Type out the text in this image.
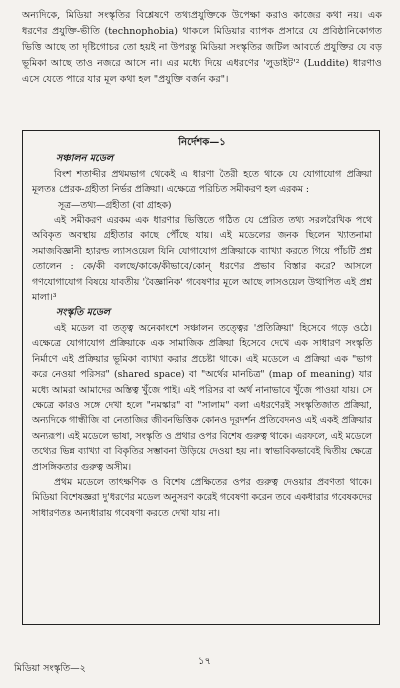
অন্যদিকে, মিডিয়া সংস্কৃতির বিশ্লেষণে তথ্যপ্রযুক্তিকে উপেক্ষা করাও কাজের কথা নয়। এক ধরণের প্রযুক্তি-ভীতি (technophobia) থাকলে মিডিয়ার ব্যাপক প্রসারে যে প্রবিষ্ঠানিকোগত ভিত্তি আছে তা দৃষ্টিগোচর তো হয়ই না উপরন্তু মিডিয়া সংস্কৃতির জটিল আবর্তে প্রযুক্তির যে বড় ভূমিকা আছে তাও নজরে আসে না। এর মধ্যে দিয়ে এধরণের 'লুডাইট'² (Luddite) ধারণাও এসে যেতে পারে যার মূল কথা হল "প্রযুক্তি বর্জন কর"।

নির্দেশক—১
সঞ্চালন মডেল

বিংশ শতাব্দীর প্রথমভাগ থেকেই এ ধারণা তৈরী হতে থাকে যে যোগাযোগ প্রক্রিয়া মূলতঃ প্রেরক-গ্রহীতা নির্ভর প্রক্রিয়া। এক্ষেত্রে পরিচিত সমীকরণ হল এরকম :

সূত্র—তথ্য—গ্রহীতা (বা গ্রাহক)

এই সমীকরণ এরকম এক ধারণার ভিত্তিতে গঠিত যে প্রেরিত তথ্য সরলরৈখিক পথে অবিকৃত অবস্থায় গ্রহীতার কাছে পৌঁছে যায়। এই মডেলের জনক ছিলেন খ্যাতনামা সমাজবিজ্ঞানী হ্যারল্ড ল্যাসওয়েল যিনি যোগাযোগ প্রক্রিয়াকে ব্যাখ্যা করতে গিয়ে পাঁচটি প্রশ্ন তোলেন : কে/কী বলছে/কাকে/কীভাবে/কোন্ ধরণের প্রভাব বিস্তার করে? আসলে গণযোগাযোগ বিষয়ে যাবতীয় 'বৈজ্ঞানিক' গবেষণার মূলে আছে লাসওয়েল উত্থাপিত এই প্রশ্ন মালা।³

সংস্কৃতি মডেল

এই মডেল বা তত্ত্ব অনেকাংশে সঞ্চালন তত্ত্বের 'প্রতিক্রিয়া' হিসেবে গড়ে ওঠে। এক্ষেত্রে যোগাযোগ প্রক্রিয়াকে এক সামাজিক প্রক্রিয়া হিসেবে দেখে এক সাধারণ সংস্কৃতি নির্মাণে এই প্রক্রিয়ার ভূমিকা ব্যাখ্যা করার প্রচেষ্টা থাকে। এই মডেলে এ প্রক্রিয়া এক "ভাগ করে নেওয়া পরিসর" (shared space) বা "অর্থের মানচিত্র" (map of meaning) যার মধ্যে আমরা আমাদের অস্তিত্ব খুঁজে পাই। এই পরিসর বা অর্থ নানাভাবে খুঁজে পাওয়া যায়। সে ক্ষেত্রে কারও সঙ্গে দেখা হলে "নমস্কার" বা "সালাম" বলা এধরণেরই সংস্কৃতিজাত প্রক্রিয়া, অন্যদিকে গান্ধীজি বা নেতাজির জীবনভিত্তিক কোনও দূরদর্শন প্রতিবেদনও এই একই প্রক্রিয়ার অন্যরূপ। এই মডেলে ভাষা, সংস্কৃতি ও প্রথার ওপর বিশেষ গুরুত্ব থাকে। এরফলে, এই মডেলে তথ্যের ভিন্ন ব্যাখ্যা বা বিকৃতির সম্ভাবনা উড়িয়ে দেওয়া হয় না। স্বাভাবিকভাবেই দ্বিতীয় ক্ষেত্রে প্রাসঙ্গিকতার গুরুত্ব অসীম।

প্রথম মডেলে তাৎক্ষণিক ও বিশেষ প্রেক্ষিতের ওপর গুরুত্ব দেওয়ার প্রবণতা থাকে। মিডিয়া বিশেষজ্ঞরা দু'ধরণের মডেল অনুসরণ করেই গবেষণা করেন তবে একধারার গবেষকদের সাধারণতঃ অন্যধারায় গবেষণা করতে দেখা যায় না।

মিডিয়া সংস্কৃতি—২
১৭
